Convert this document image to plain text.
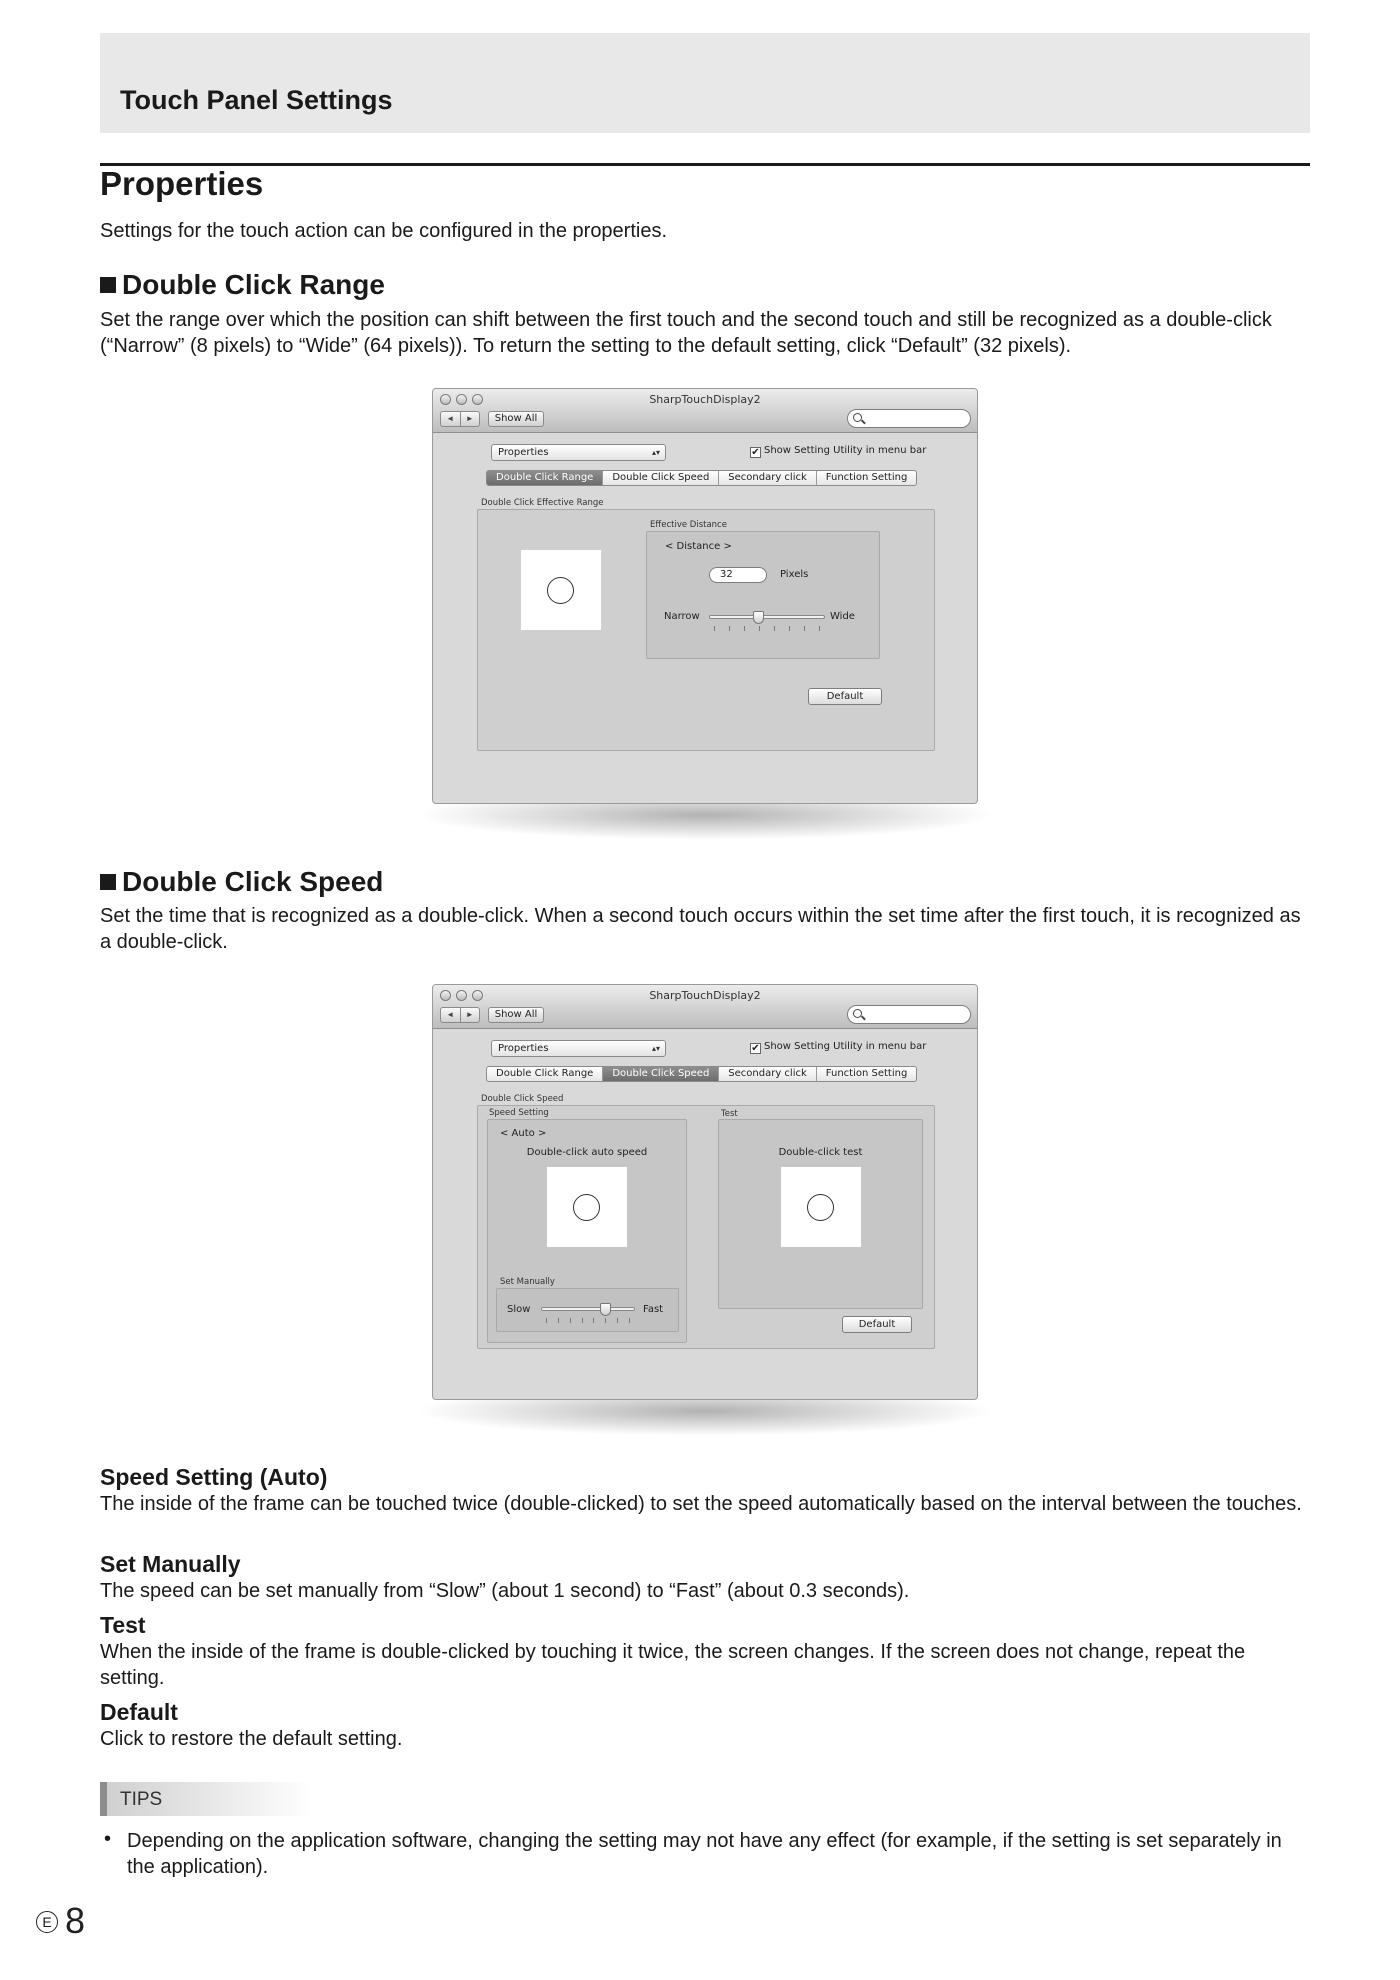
Touch Panel Settings
Properties
Settings for the touch action can be configured in the properties.
Double Click Range
Set the range over which the position can shift between the first touch and the second touch and still be recognized as a double-click (“Narrow” (8 pixels) to “Wide” (64 pixels)). To return the setting to the default setting, click “Default” (32 pixels).
SharpTouchDisplay2
◄	►	Show All
Properties	▴▾	✔ Show Setting Utility in menu bar
Double Click Range	Double Click Speed	Secondary click	Function Setting
Double Click Effective Range
Effective Distance
< Distance >
32	Pixels
Narrow	Wide
Default
Double Click Speed
Set the time that is recognized as a double-click. When a second touch occurs within the set time after the first touch, it is recognized as a double-click.
SharpTouchDisplay2
◄	►	Show All
Properties	▴▾	✔ Show Setting Utility in menu bar
Double Click Range	Double Click Speed	Secondary click	Function Setting
Double Click Speed
Speed Setting
< Auto >
Double-click auto speed
Set Manually
Slow	Fast
Test
Double-click test
Default
Speed Setting (Auto)
The inside of the frame can be touched twice (double-clicked) to set the speed automatically based on the interval between the touches.
Set Manually
The speed can be set manually from “Slow” (about 1 second) to “Fast” (about 0.3 seconds).
Test
When the inside of the frame is double-clicked by touching it twice, the screen changes. If the screen does not change, repeat the setting.
Default
Click to restore the default setting.
TIPS
• Depending on the application software, changing the setting may not have any effect (for example, if the setting is set separately in the application).
E 8
